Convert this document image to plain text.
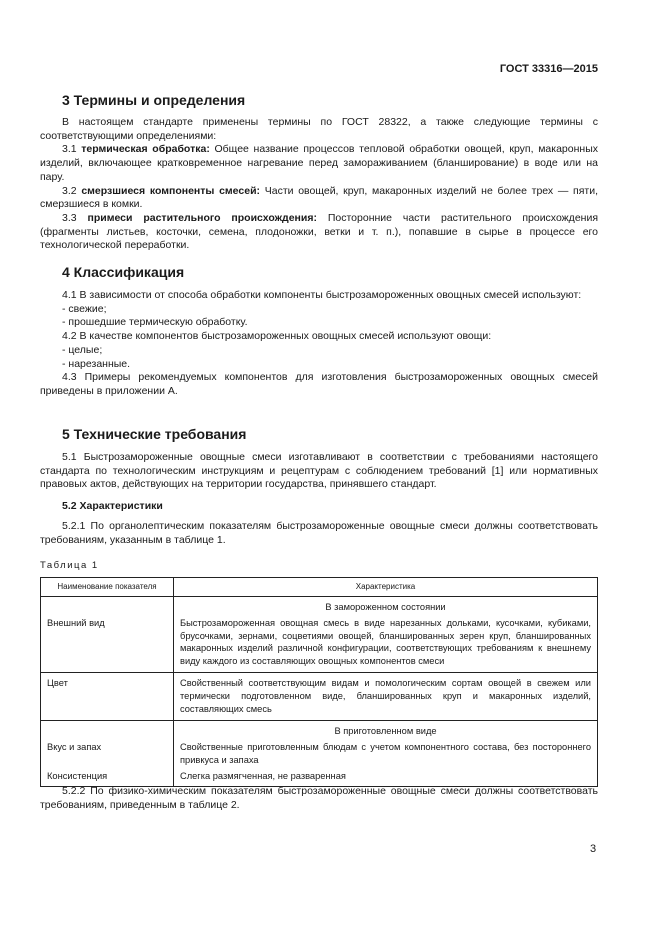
ГОСТ 33316—2015
3 Термины и определения

В настоящем стандарте применены термины по ГОСТ 28322, а также следующие термины с соответствующими определениями:

3.1 термическая обработка: Общее название процессов тепловой обработки овощей, круп, макаронных изделий, включающее кратковременное нагревание перед замораживанием (бланширование) в воде или на пару.

3.2 смерзшиеся компоненты смесей: Части овощей, круп, макаронных изделий не более трех — пяти, смерзшиеся в комки.

3.3 примеси растительного происхождения: Посторонние части растительного происхождения (фрагменты листьев, косточки, семена, плодоножки, ветки и т. п.), попавшие в сырье в процессе его технологической переработки.

4 Классификация

4.1 В зависимости от способа обработки компоненты быстрозамороженных овощных смесей используют:

- свежие;

- прошедшие термическую обработку.

4.2 В качестве компонентов быстрозамороженных овощных смесей используют овощи:

- целые;

- нарезанные.

4.3 Примеры рекомендуемых компонентов для изготовления быстрозамороженных овощных смесей приведены в приложении А.

5 Технические требования

5.1 Быстрозамороженные овощные смеси изготавливают в соответствии с требованиями настоящего стандарта по технологическим инструкциям и рецептурам с соблюдением требований [1] или нормативных правовых актов, действующих на территории государства, принявшего стандарт.

5.2 Характеристики

5.2.1 По органолептическим показателям быстрозамороженные овощные смеси должны соответствовать требованиям, указанным в таблице 1.

Таблица 1
Наименование показателя	Характеристика
	В замороженном состоянии
Внешний вид	Быстрозамороженная овощная смесь в виде нарезанных дольками, кусочками, кубиками, брусочками, зернами, соцветиями овощей, бланшированных зерен круп, бланшированных макаронных изделий различной конфигурации, соответствующих требованиям к внешнему виду каждого из составляющих овощных компонентов смеси
Цвет	Свойственный соответствующим видам и помологическим сортам овощей в свежем или термически подготовленном виде, бланшированных круп и макаронных изделий, составляющих смесь
	В приготовленном виде
Вкус и запах	Свойственные приготовленным блюдам с учетом компонентного состава, без постороннего привкуса и запаха
Консистенция	Слегка размягченная, не разваренная

5.2.2 По физико-химическим показателям быстрозамороженные овощные смеси должны соответствовать требованиям, приведенным в таблице 2.

3
